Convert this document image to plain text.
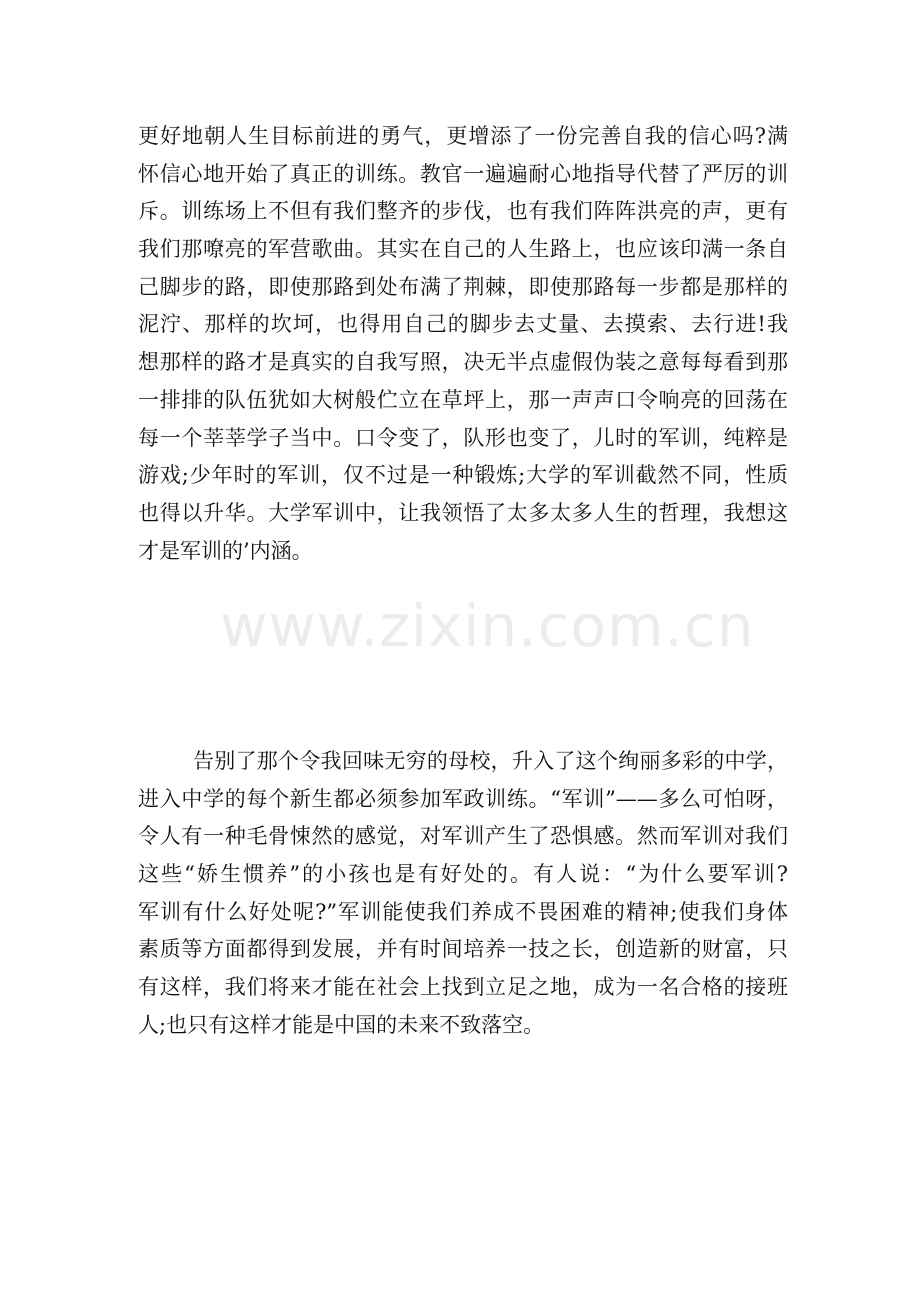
更好地朝人生目标前进的勇气，更增添了一份完善自我的信心吗?满
怀信心地开始了真正的训练。教官一遍遍耐心地指导代替了严厉的训
斥。训练场上不但有我们整齐的步伐，也有我们阵阵洪亮的声，更有
我们那嘹亮的军营歌曲。其实在自己的人生路上，也应该印满一条自
己脚步的路，即使那路到处布满了荆棘，即使那路每一步都是那样的
泥泞、那样的坎坷，也得用自己的脚步去丈量、去摸索、去行进!我
想那样的路才是真实的自我写照，决无半点虚假伪装之意每每看到那
一排排的队伍犹如大树般伫立在草坪上，那一声声口令响亮的回荡在
每一个莘莘学子当中。口令变了，队形也变了，儿时的军训，纯粹是
游戏;少年时的军训，仅不过是一种锻炼;大学的军训截然不同，性质
也得以升华。大学军训中，让我领悟了太多太多人生的哲理，我想这
才是军训的’内涵。
告别了那个令我回味无穷的母校，升入了这个绚丽多彩的中学，
进入中学的每个新生都必须参加军政训练。“军训”——多么可怕呀，
令人有一种毛骨悚然的感觉，对军训产生了恐惧感。然而军训对我们
这些“娇生惯养”的小孩也是有好处的。有人说：“为什么要军训?
军训有什么好处呢?”军训能使我们养成不畏困难的精神;使我们身体
素质等方面都得到发展，并有时间培养一技之长，创造新的财富，只
有这样，我们将来才能在社会上找到立足之地，成为一名合格的接班
人;也只有这样才能是中国的未来不致落空。
www.zixin.com.cn
